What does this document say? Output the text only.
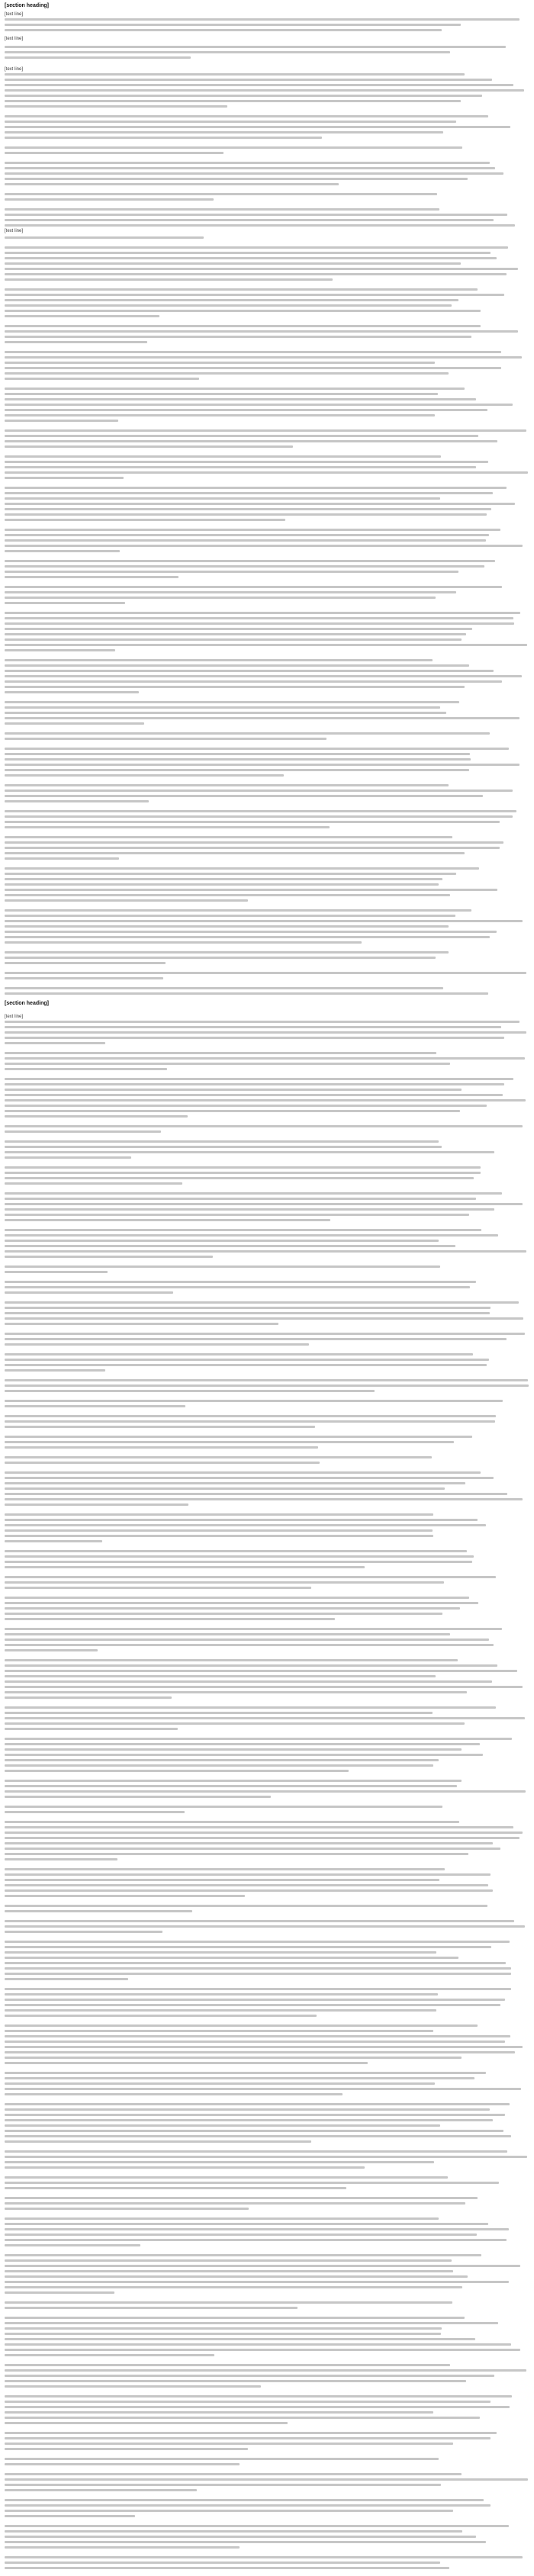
[section heading]
[text line]
[text line]
[text line]
[text line]
[section heading]
[text line]
